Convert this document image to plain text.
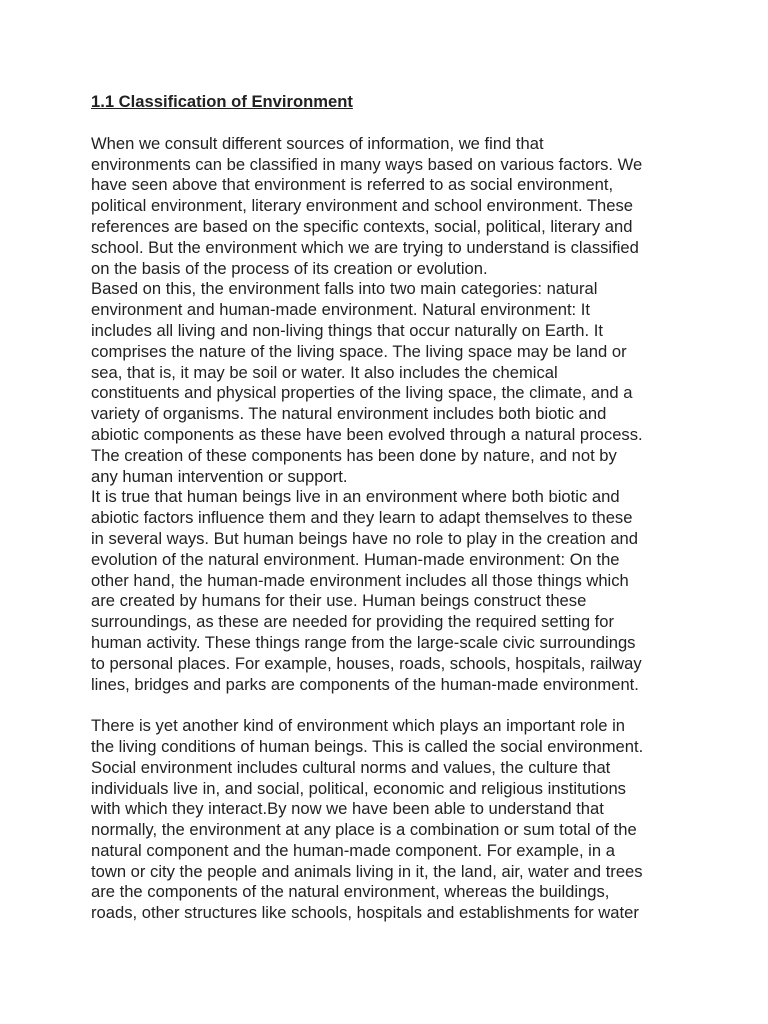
1.1 Classification of Environment
When we consult different sources of information, we find that
environments can be classified in many ways based on various factors. We
have seen above that environment is referred to as social environment,
political environment, literary environment and school environment. These
references are based on the specific contexts, social, political, literary and
school. But the environment which we are trying to understand is classified
on the basis of the process of its creation or evolution.
Based on this, the environment falls into two main categories: natural
environment and human-made environment. Natural environment: It
includes all living and non-living things that occur naturally on Earth. It
comprises the nature of the living space. The living space may be land or
sea, that is, it may be soil or water. It also includes the chemical
constituents and physical properties of the living space, the climate, and a
variety of organisms. The natural environment includes both biotic and
abiotic components as these have been evolved through a natural process.
The creation of these components has been done by nature, and not by
any human intervention or support.
It is true that human beings live in an environment where both biotic and
abiotic factors influence them and they learn to adapt themselves to these
in several ways. But human beings have no role to play in the creation and
evolution of the natural environment. Human-made environment: On the
other hand, the human-made environment includes all those things which
are created by humans for their use. Human beings construct these
surroundings, as these are needed for providing the required setting for
human activity. These things range from the large-scale civic surroundings
to personal places. For example, houses, roads, schools, hospitals, railway
lines, bridges and parks are components of the human-made environment.
There is yet another kind of environment which plays an important role in
the living conditions of human beings. This is called the social environment.
Social environment includes cultural norms and values, the culture that
individuals live in, and social, political, economic and religious institutions
with which they interact.By now we have been able to understand that
normally, the environment at any place is a combination or sum total of the
natural component and the human-made component. For example, in a
town or city the people and animals living in it, the land, air, water and trees
are the components of the natural environment, whereas the buildings,
roads, other structures like schools, hospitals and establishments for water
